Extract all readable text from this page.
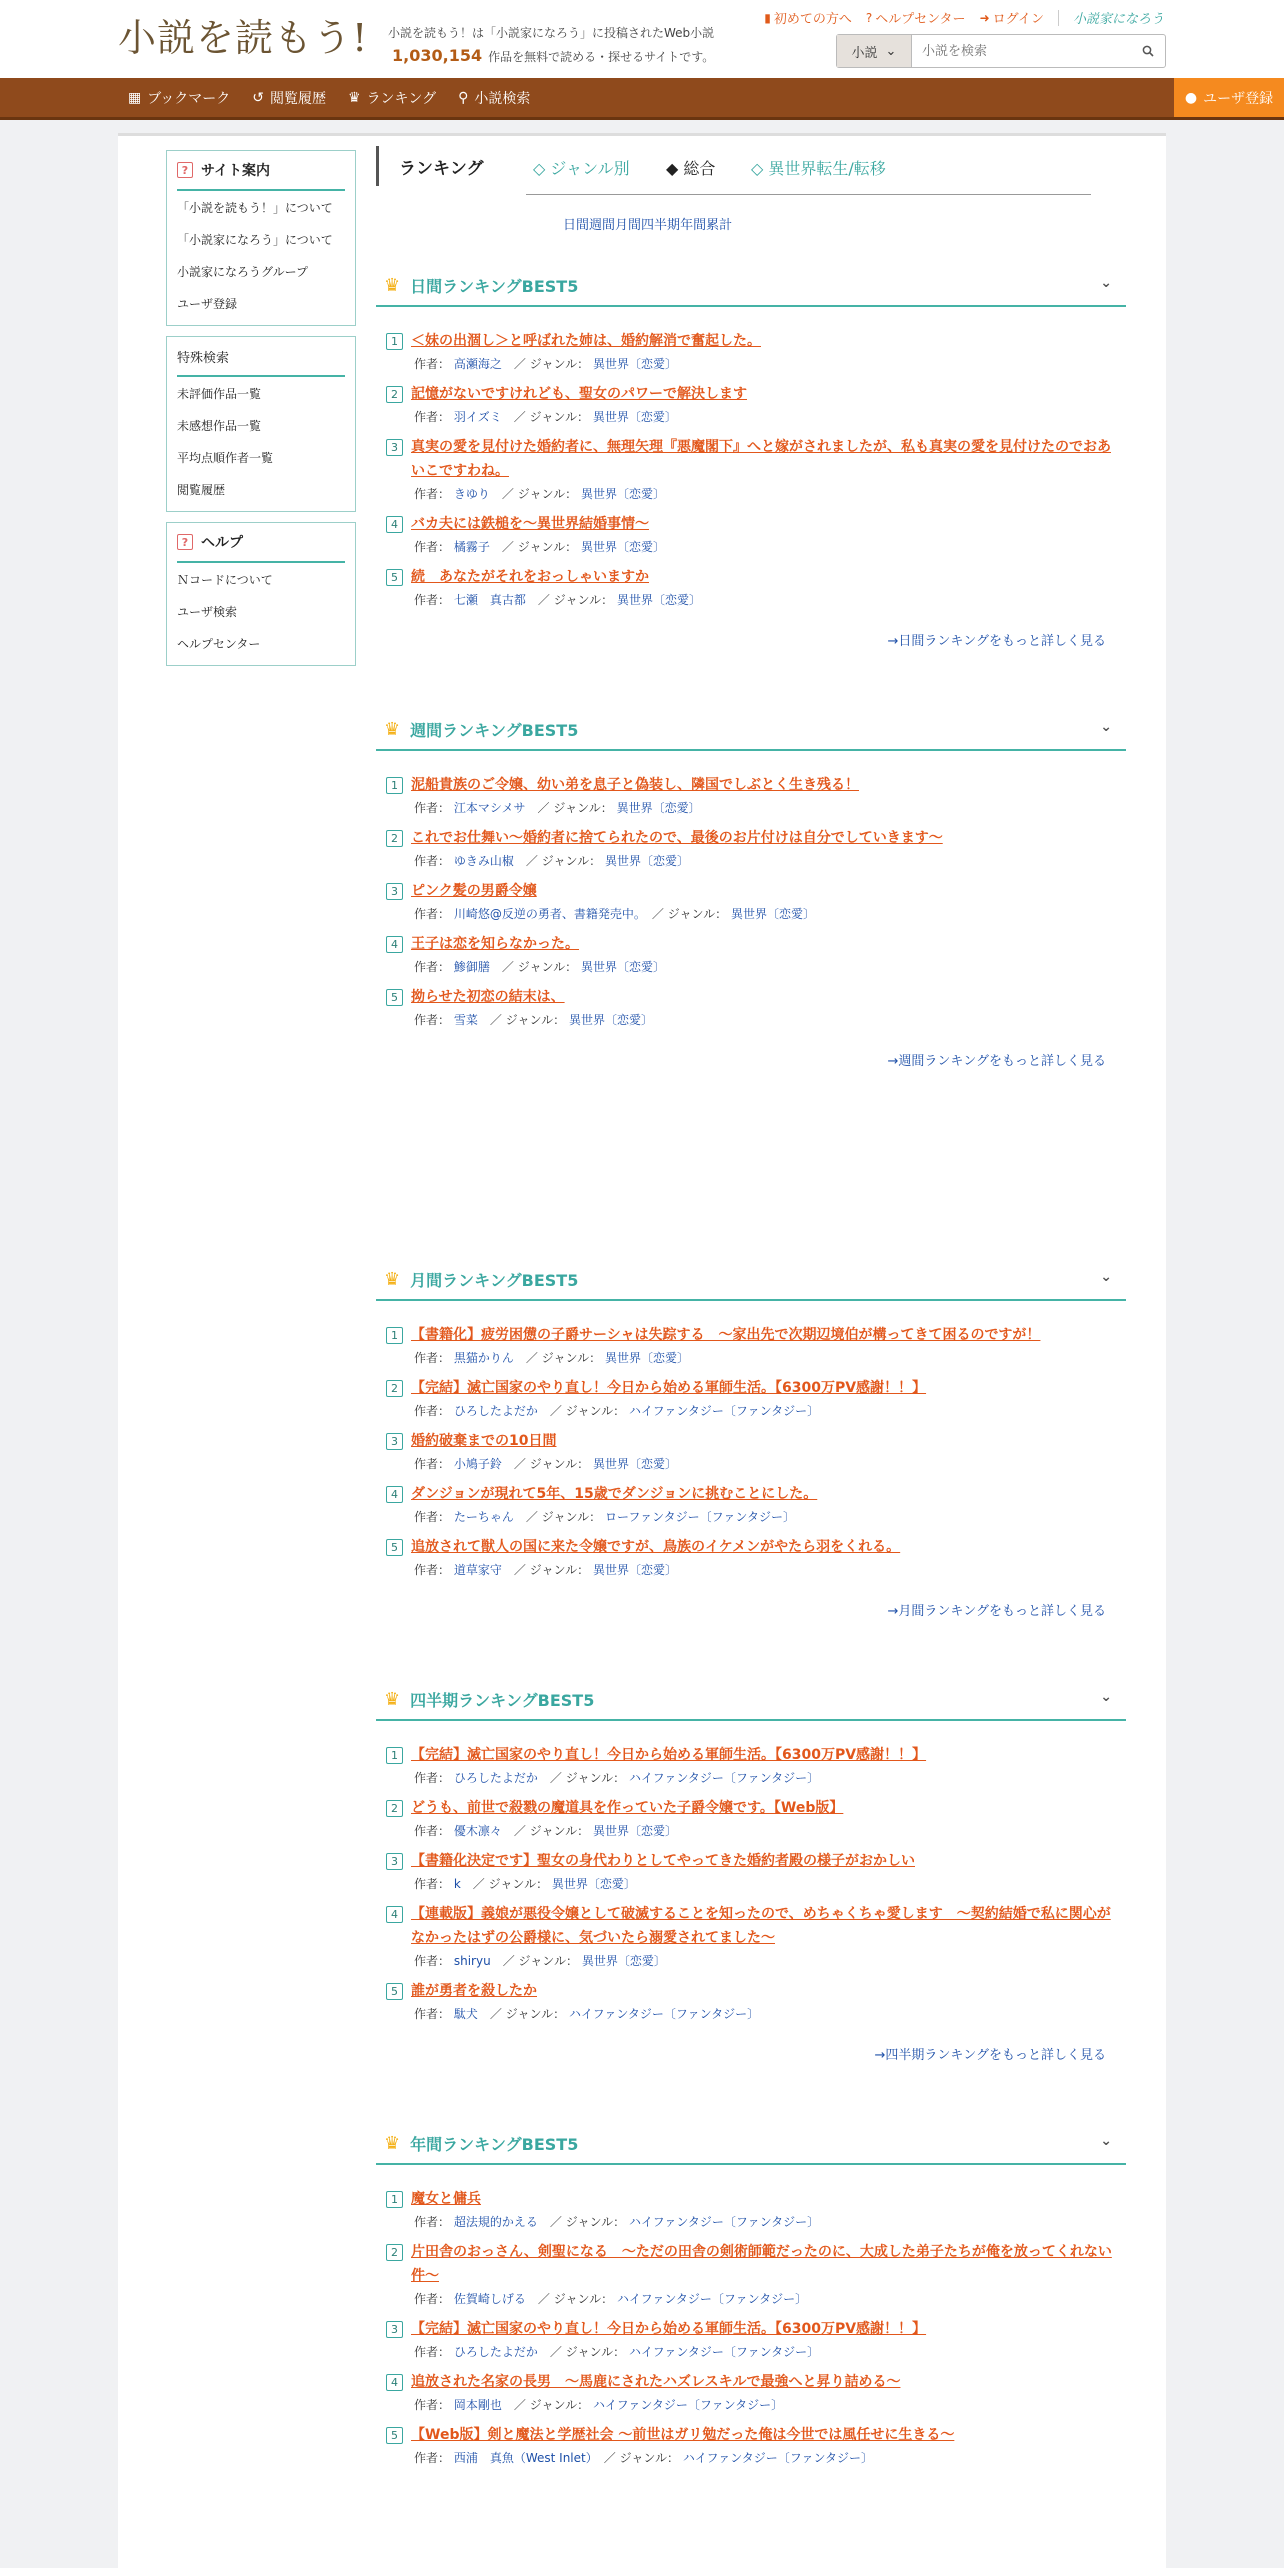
小説を読もう! 小説を読もう！は「小説家になろう」に投稿されたWeb小説
1,030,154 作品を無料で読める・探せるサイトです。
▮ 初めての方へ ? ヘルプセンター ➜ ログイン 小説家になろう
小説 ⌄
小説を検索
▦ ブックマーク ↺ 閲覧履歴 ♛ ランキング ⚲ 小説検索	● ユーザ登録
? サイト案内
「小説を読もう！」について
「小説家になろう」について
小説家になろうグループ
ユーザ登録
特殊検索
未評価作品一覧
未感想作品一覧
平均点順作者一覧
閲覧履歴
? ヘルプ
Ｎコードについて
ユーザ検索
ヘルプセンター
ランキング	◇ ジャンル別 ◆ 総合 ◇ 異世界転生/転移
日間 週間 月間 四半期 年間 累計
♛ 日間ランキングBEST5	⌄
1 ＜妹の出涸し＞と呼ばれた姉は、婚約解消で奮起した。
作者： 高瀬海之　／ ジャンル： 異世界〔恋愛〕
2 記憶がないですけれども、聖女のパワーで解決します
作者： 羽イズミ　／ ジャンル： 異世界〔恋愛〕
3 真実の愛を見付けた婚約者に、無理矢理『悪魔閣下』へと嫁がされましたが、私も真実の愛を見付けたのでおあいこですわね。
作者： きゆり　／ ジャンル： 異世界〔恋愛〕
4 バカ夫には鉄槌を～異世界結婚事情～
作者： 橘霧子　／ ジャンル： 異世界〔恋愛〕
5 続　あなたがそれをおっしゃいますか
作者： 七瀬　真古都　／ ジャンル： 異世界〔恋愛〕
→日間ランキングをもっと詳しく見る
♛ 週間ランキングBEST5	⌄
1 泥船貴族のご令嬢、幼い弟を息子と偽装し、隣国でしぶとく生き残る！
作者： 江本マシメサ　／ ジャンル： 異世界〔恋愛〕
2 これでお仕舞い～婚約者に捨てられたので、最後のお片付けは自分でしていきます～
作者： ゆきみ山椒　／ ジャンル： 異世界〔恋愛〕
3 ピンク髪の男爵令嬢
作者： 川崎悠@反逆の勇者、書籍発売中。　／ ジャンル： 異世界〔恋愛〕
4 王子は恋を知らなかった。
作者： 鯵御膳　／ ジャンル： 異世界〔恋愛〕
5 拗らせた初恋の結末は、
作者： 雪菜　／ ジャンル： 異世界〔恋愛〕
→週間ランキングをもっと詳しく見る
♛ 月間ランキングBEST5	⌄
1 【書籍化】疲労困憊の子爵サーシャは失踪する　～家出先で次期辺境伯が構ってきて困るのですが！
作者： 黒猫かりん　／ ジャンル： 異世界〔恋愛〕
2 【完結】滅亡国家のやり直し！今日から始める軍師生活。【6300万PV感謝！！】
作者： ひろしたよだか　／ ジャンル： ハイファンタジー〔ファンタジー〕
3 婚約破棄までの10日間
作者： 小鳩子鈴　／ ジャンル： 異世界〔恋愛〕
4 ダンジョンが現れて5年、15歳でダンジョンに挑むことにした。
作者： たーちゃん　／ ジャンル： ローファンタジー〔ファンタジー〕
5 追放されて獣人の国に来た令嬢ですが、鳥族のイケメンがやたら羽をくれる。
作者： 道草家守　／ ジャンル： 異世界〔恋愛〕
→月間ランキングをもっと詳しく見る
♛ 四半期ランキングBEST5	⌄
1 【完結】滅亡国家のやり直し！今日から始める軍師生活。【6300万PV感謝！！】
作者： ひろしたよだか　／ ジャンル： ハイファンタジー〔ファンタジー〕
2 どうも、前世で殺戮の魔道具を作っていた子爵令嬢です。【Web版】
作者： 優木凛々　／ ジャンル： 異世界〔恋愛〕
3 【書籍化決定です】聖女の身代わりとしてやってきた婚約者殿の様子がおかしい
作者： k　／ ジャンル： 異世界〔恋愛〕
4 【連載版】義娘が悪役令嬢として破滅することを知ったので、めちゃくちゃ愛します　～契約結婚で私に関心がなかったはずの公爵様に、気づいたら溺愛されてました～
作者： shiryu　／ ジャンル： 異世界〔恋愛〕
5 誰が勇者を殺したか
作者： 駄犬　／ ジャンル： ハイファンタジー〔ファンタジー〕
→四半期ランキングをもっと詳しく見る
♛ 年間ランキングBEST5	⌄
1 魔女と傭兵
作者： 超法規的かえる　／ ジャンル： ハイファンタジー〔ファンタジー〕
2 片田舎のおっさん、剣聖になる　～ただの田舎の剣術師範だったのに、大成した弟子たちが俺を放ってくれない件～
作者： 佐賀崎しげる　／ ジャンル： ハイファンタジー〔ファンタジー〕
3 【完結】滅亡国家のやり直し！今日から始める軍師生活。【6300万PV感謝！！】
作者： ひろしたよだか　／ ジャンル： ハイファンタジー〔ファンタジー〕
4 追放された名家の長男　～馬鹿にされたハズレスキルで最強へと昇り詰める～
作者： 岡本剛也　／ ジャンル： ハイファンタジー〔ファンタジー〕
5 【Web版】剣と魔法と学歴社会 ～前世はガリ勉だった俺は今世では風任せに生きる～
作者： 西浦　真魚（West Inlet）　／ ジャンル： ハイファンタジー〔ファンタジー〕
